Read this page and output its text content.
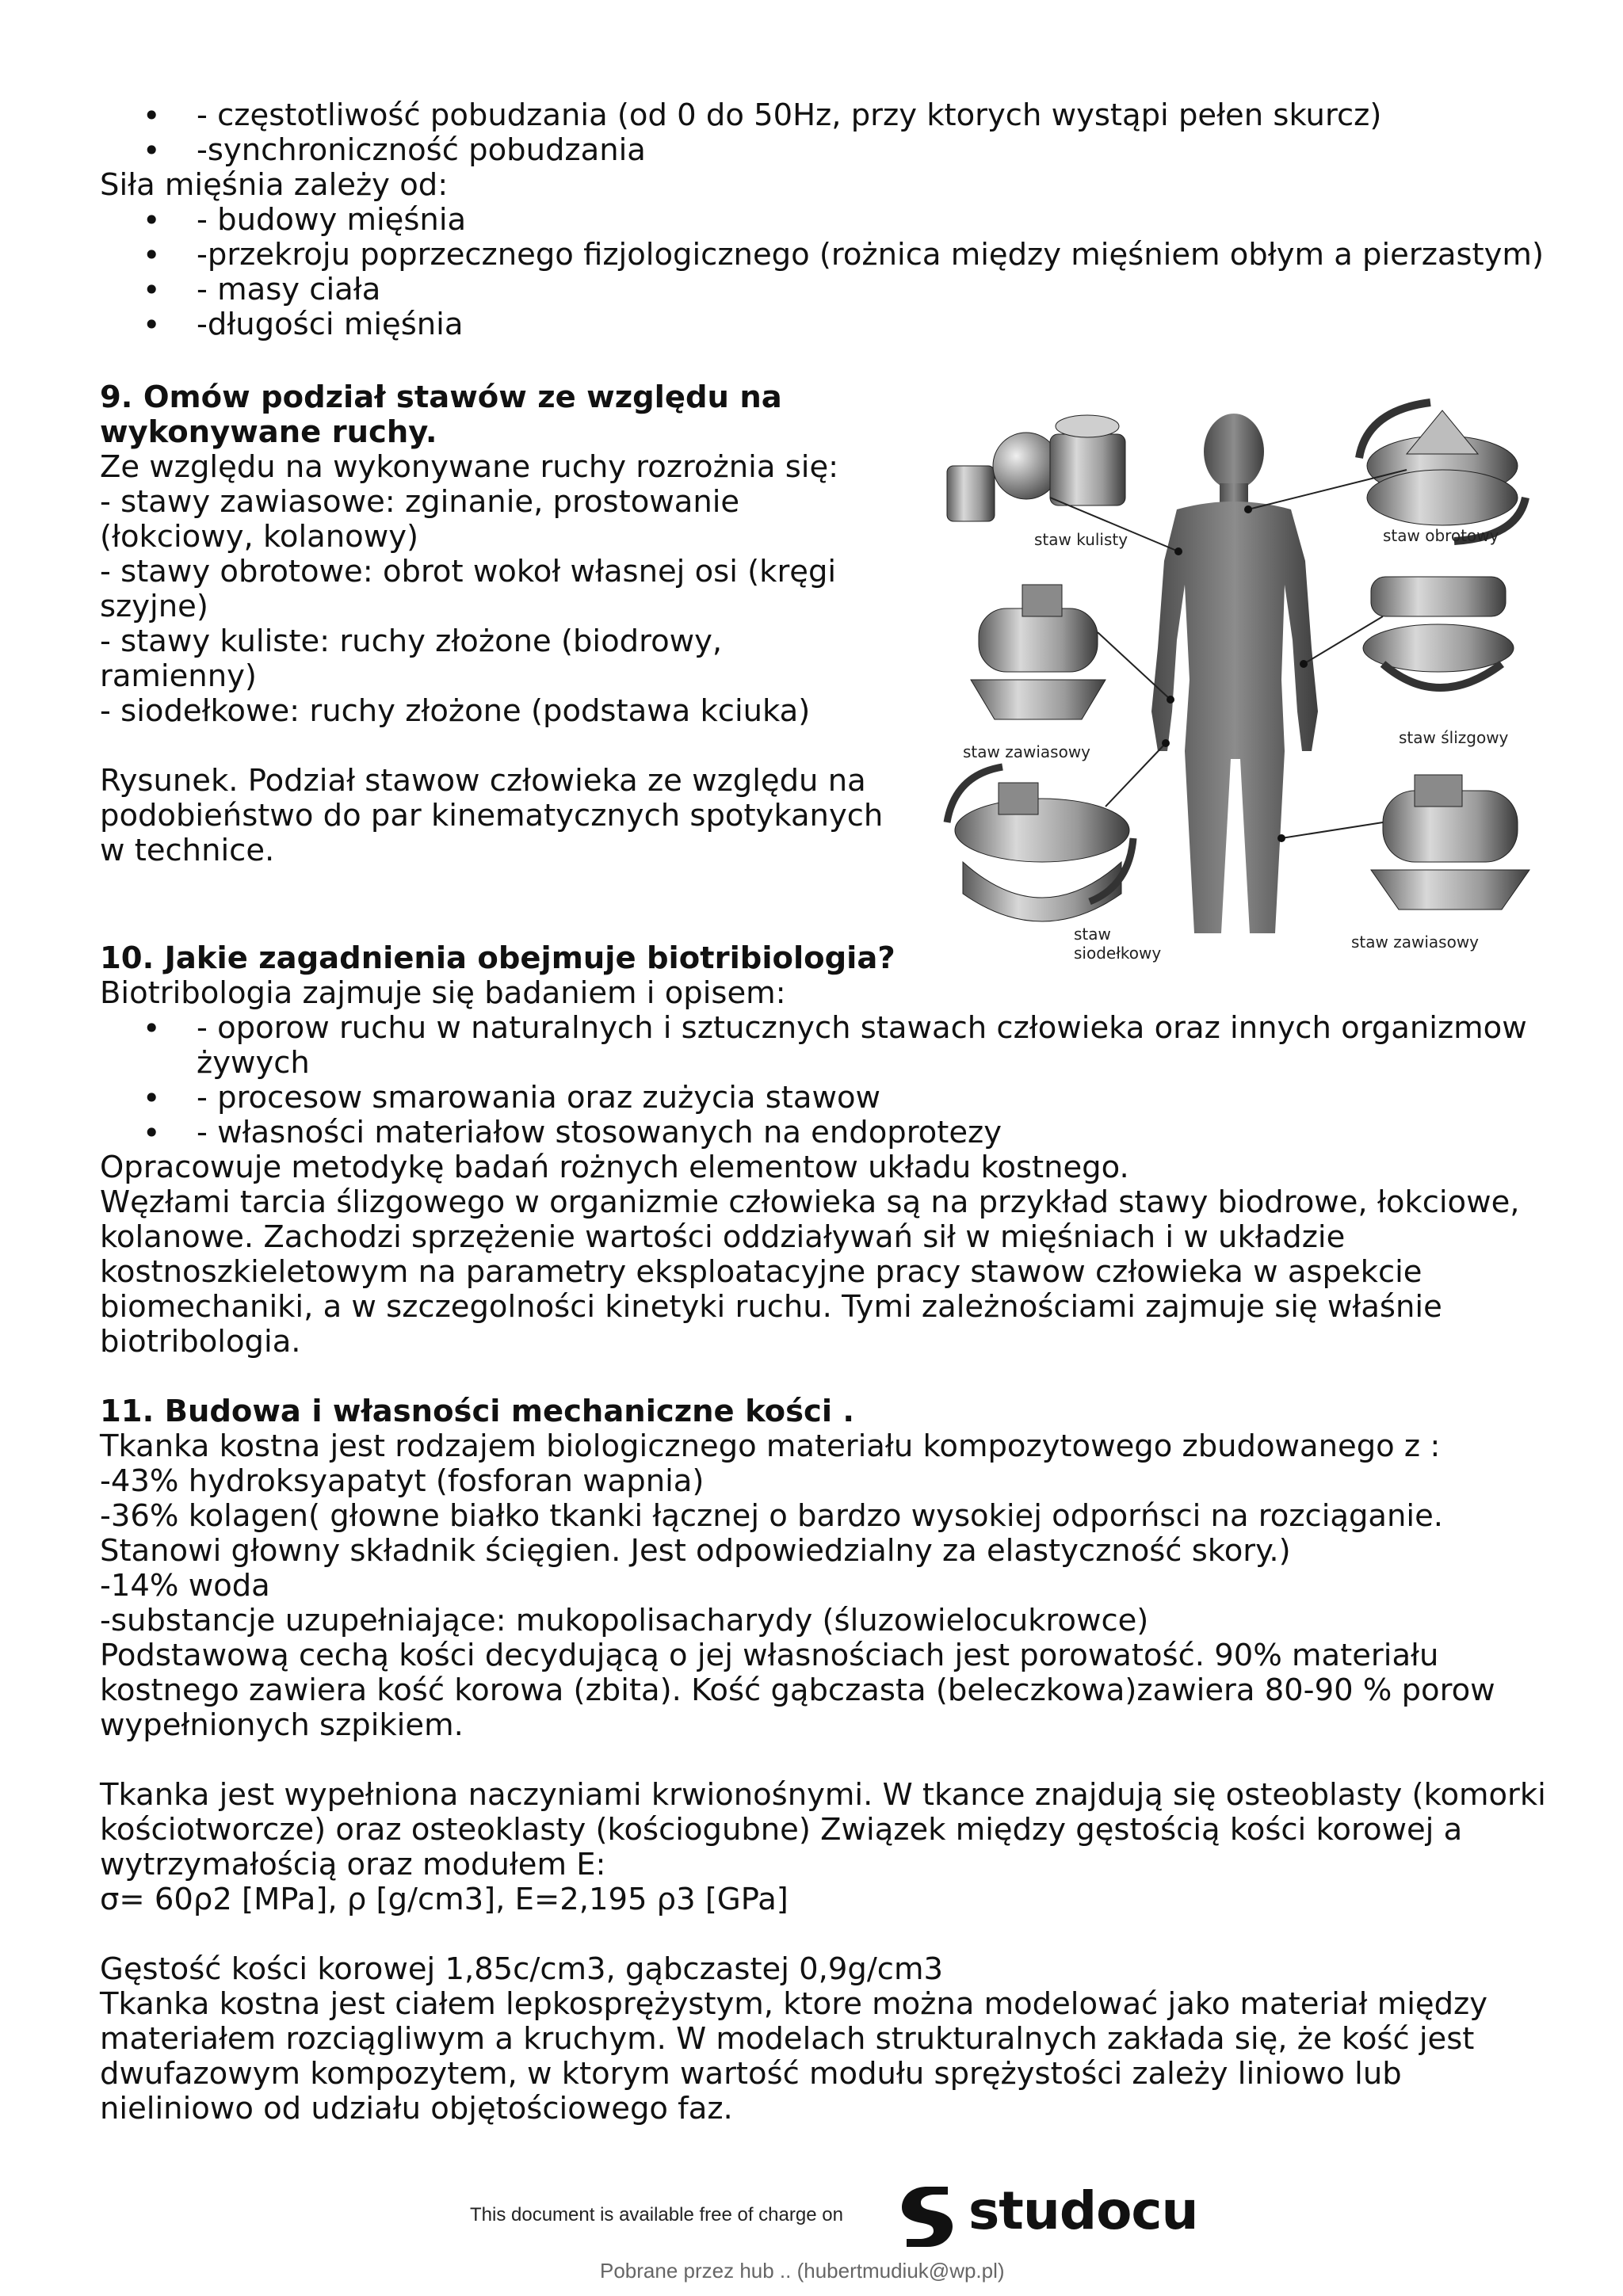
• - częstotliwość pobudzania (od 0 do 50Hz, przy ktorych wystąpi pełen skurcz)
• -synchroniczność pobudzania
Siła mięśnia zależy od:
• - budowy mięśnia
• -przekroju poprzecznego fizjologicznego (rożnica między mięśniem obłym a pierzastym)
• - masy ciała
• -długości mięśnia
9. Omów podział stawów ze względu na
wykonywane ruchy.
Ze względu na wykonywane ruchy rozrożnia się:
- stawy zawiasowe: zginanie, prostowanie
(łokciowy, kolanowy)
- stawy obrotowe: obrot wokoł własnej osi (kręgi
szyjne)
- stawy kuliste: ruchy złożone (biodrowy,
ramienny)
- siodełkowe: ruchy złożone (podstawa kciuka)
Rysunek. Podział stawow człowieka ze względu na
podobieństwo do par kinematycznych spotykanych
w technice.
staw kulisty	staw obrotowy
staw zawiasowy
staw ślizgowy
staw
siodełkowy
staw zawiasowy
10. Jakie zagadnienia obejmuje biotribiologia?
Biotribologia zajmuje się badaniem i opisem:
• - oporow ruchu w naturalnych i sztucznych stawach człowieka oraz innych organizmow
żywych
• - procesow smarowania oraz zużycia stawow
• - własności materiałow stosowanych na endoprotezy
Opracowuje metodykę badań rożnych elementow układu kostnego.
Węzłami tarcia ślizgowego w organizmie człowieka są na przykład stawy biodrowe, łokciowe,
kolanowe. Zachodzi sprzężenie wartości oddziaływań sił w mięśniach i w układzie
kostnoszkieletowym na parametry eksploatacyjne pracy stawow człowieka w aspekcie
biomechaniki, a w szczegolności kinetyki ruchu. Tymi zależnościami zajmuje się właśnie
biotribologia.
11. Budowa i własności mechaniczne kości .
Tkanka kostna jest rodzajem biologicznego materiału kompozytowego zbudowanego z :
-43% hydroksyapatyt (fosforan wapnia)
-36% kolagen( głowne białko tkanki łącznej o bardzo wysokiej odporńsci na rozciąganie.
Stanowi głowny składnik ścięgien. Jest odpowiedzialny za elastyczność skory.)
-14% woda
-substancje uzupełniające: mukopolisacharydy (śluzowielocukrowce)
Podstawową cechą kości decydującą o jej własnościach jest porowatość. 90% materiału
kostnego zawiera kość korowa (zbita). Kość gąbczasta (beleczkowa)zawiera 80-90 % porow
wypełnionych szpikiem.
Tkanka jest wypełniona naczyniami krwionośnymi. W tkance znajdują się osteoblasty (komorki
kościotworcze) oraz osteoklasty (kościogubne) Związek między gęstością kości korowej a
wytrzymałością oraz modułem E:
σ= 60ρ2 [MPa], ρ [g/cm3], E=2,195 ρ3 [GPa]
Gęstość kości korowej 1,85c/cm3, gąbczastej 0,9g/cm3
Tkanka kostna jest ciałem lepkosprężystym, ktore można modelować jako materiał między
materiałem rozciągliwym a kruchym. W modelach strukturalnych zakłada się, że kość jest
dwufazowym kompozytem, w ktorym wartość modułu sprężystości zależy liniowo lub
nieliniowo od udziału objętościowego faz.
This document is available free of charge on studocu
Pobrane przez hub .. (hubertmudiuk@wp.pl)
